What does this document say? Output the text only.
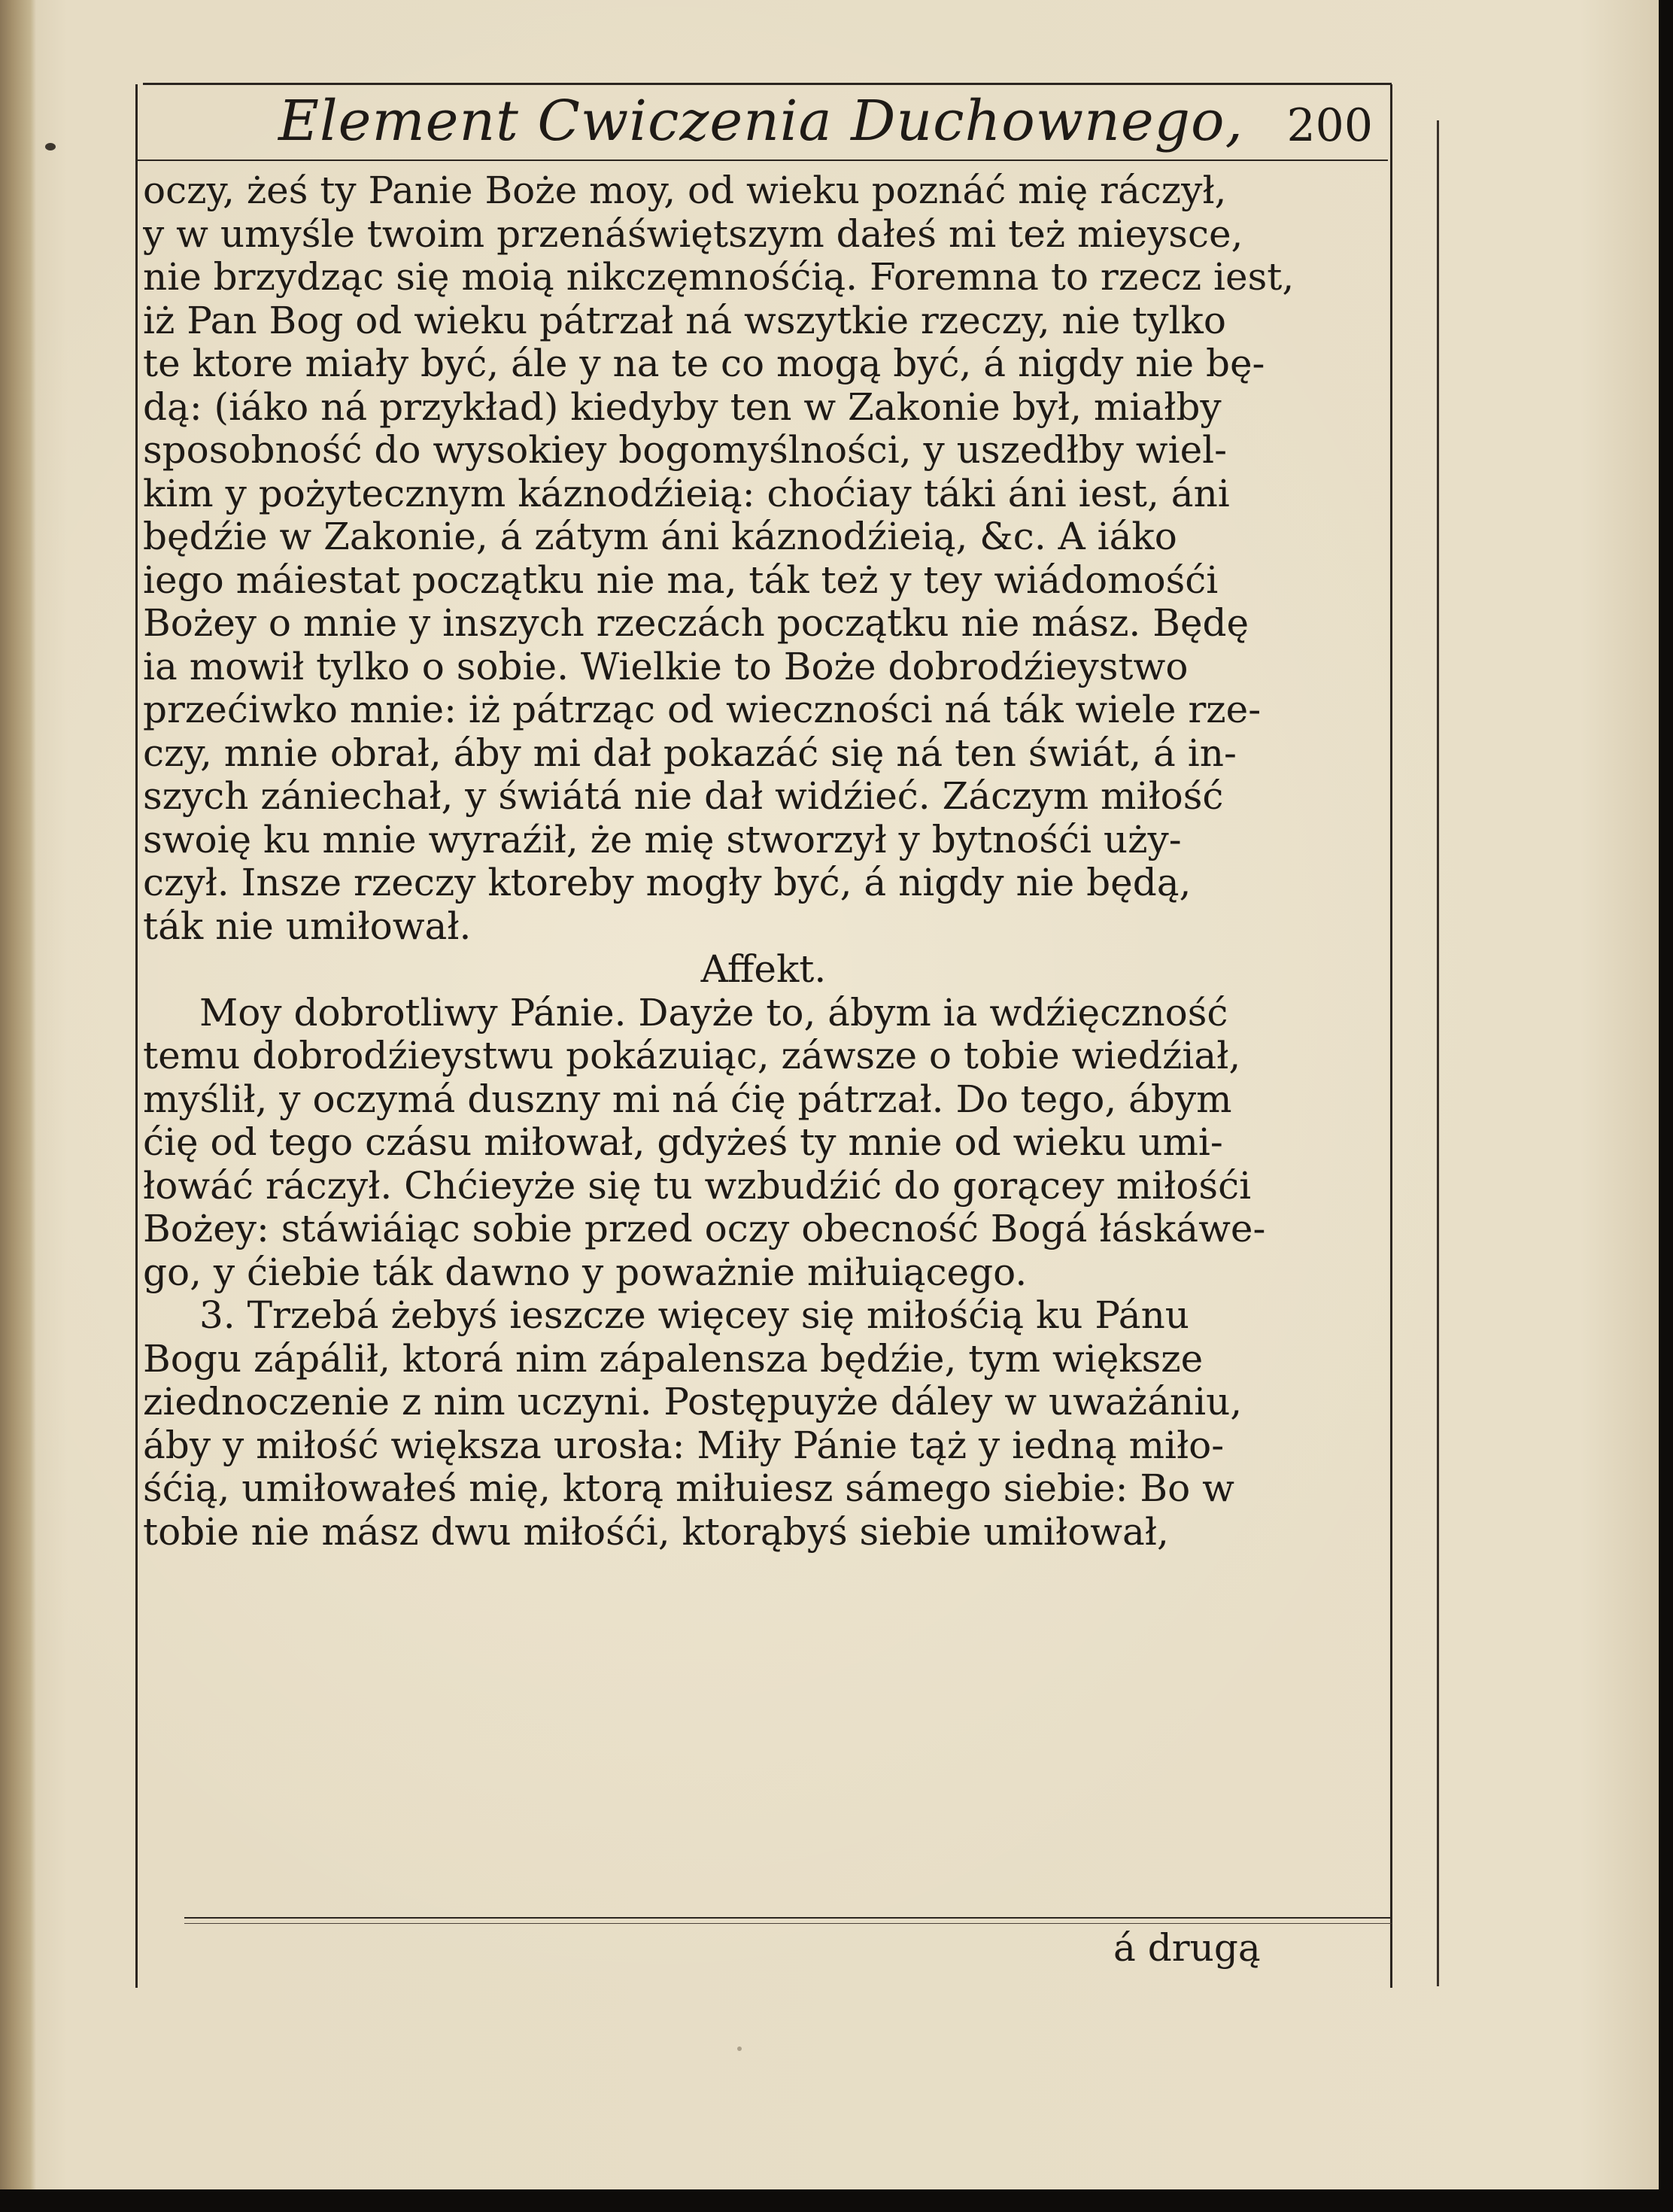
Element Cwiczenia Duchownego, 200
oczy, żeś ty Panie Boże moy, od wieku poznáć mię ráczył,
y w umyśle twoim przenáświętszym dałeś mi też mieysce,
nie brzydząc się moią nikczęmnośćią. Foremna to rzecz iest,
iż Pan Bog od wieku pátrzał ná wszytkie rzeczy, nie tylko
te ktore miały być, ále y na te co mogą być, á nigdy nie bę-
dą: (iáko ná przykład) kiedyby ten w Zakonie był, miałby
sposobność do wysokiey bogomyślności, y uszedłby wiel-
kim y pożytecznym káznodźieią: choćiay táki áni iest, áni
będźie w Zakonie, á zátym áni káznodźieią, &c. A iáko
iego máiestat początku nie ma, ták też y tey wiádomośći
Bożey o mnie y inszych rzeczách początku nie mász. Będę
ia mowił tylko o sobie. Wielkie to Boże dobrodźieystwo
przećiwko mnie: iż pátrząc od wieczności ná ták wiele rze-
czy, mnie obrał, áby mi dał pokazáć się ná ten świát, á in-
szych zániechał, y świátá nie dał widźieć. Záczym miłość
swoię ku mnie wyraźił, że mię stworzył y bytnośći uży-
czył. Insze rzeczy ktoreby mogły być, á nigdy nie będą,
ták nie umiłował.
Affekt.
Moy dobrotliwy Pánie. Dayże to, ábym ia wdźięczność
temu dobrodźieystwu pokázuiąc, záwsze o tobie wiedźiał,
myślił, y oczymá duszny mi ná ćię pátrzał. Do tego, ábym
ćię od tego czásu miłował, gdyżeś ty mnie od wieku umi-
łowáć ráczył. Chćieyże się tu wzbudźić do gorącey miłośći
Bożey: stáwiáiąc sobie przed oczy obecność Bogá łáskáwe-
go, y ćiebie ták dawno y poważnie miłuiącego.
3. Trzebá żebyś ieszcze więcey się miłośćią ku Pánu
Bogu zápálił, ktorá nim zápalensza będźie, tym większe
ziednoczenie z nim uczyni. Postępuyże dáley w uważániu,
áby y miłość większa urosła: Miły Pánie tąż y iedną miło-
śćią, umiłowałeś mię, ktorą miłuiesz sámego siebie: Bo w
tobie nie mász dwu miłośći, ktorąbyś siebie umiłował,
á drugą
